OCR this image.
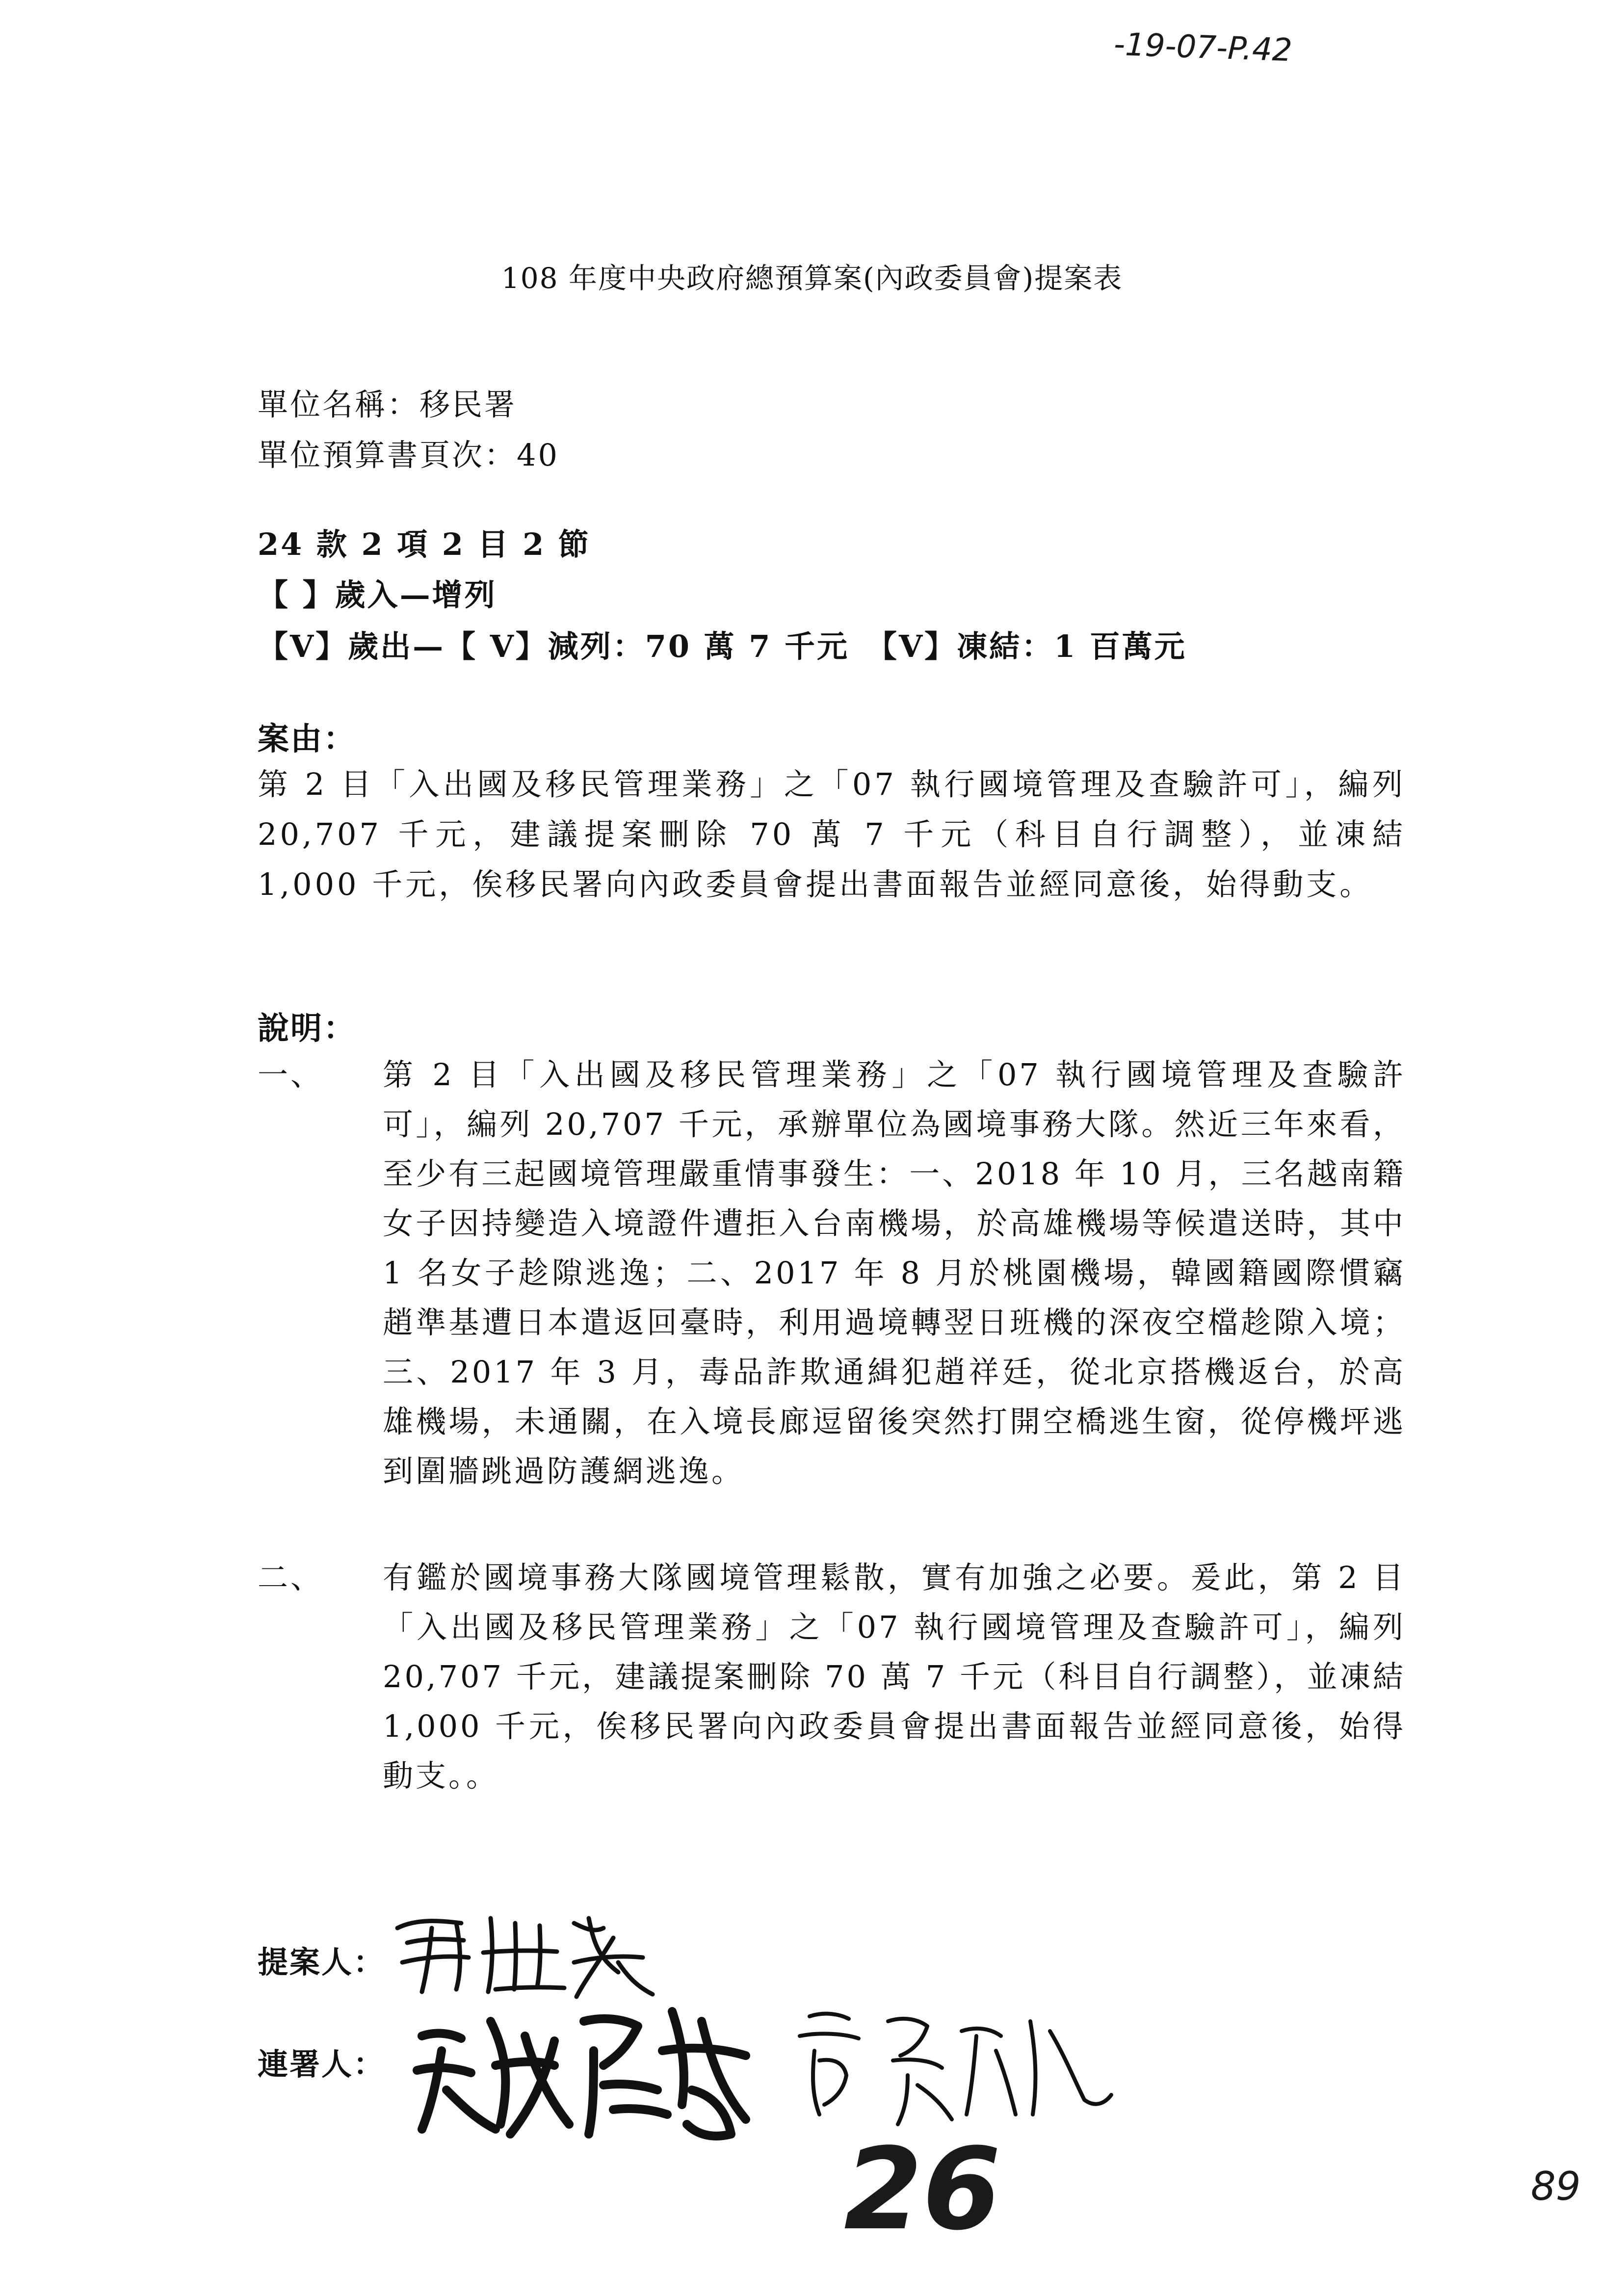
-19-07-P.42
108 年度中央政府總預算案(內政委員會)提案表
單位名稱：移民署
單位預算書頁次：40
24 款 2 項 2 目 2 節
【 】歲入—增列
【V】歲出—【 V】減列：70 萬 7 千元　【V】凍結：1 百萬元
案由：
第 2 目「入出國及移民管理業務」之「07 執行國境管理及查驗許可」，編列 20,707 千元，建議提案刪除 70 萬 7 千元（科目自行調整），並凍結 1,000 千元，俟移民署向內政委員會提出書面報告並經同意後，始得動支。
說明：
一、 第 2 目「入出國及移民管理業務」之「07 執行國境管理及查驗許可」，編列 20,707 千元，承辦單位為國境事務大隊。然近三年來看，至少有三起國境管理嚴重情事發生：一、2018 年 10 月，三名越南籍女子因持變造入境證件遭拒入台南機場，於高雄機場等候遣送時，其中 1 名女子趁隙逃逸；二、2017 年 8 月於桃園機場，韓國籍國際慣竊趙準基遭日本遣返回臺時，利用過境轉翌日班機的深夜空檔趁隙入境；三、2017 年 3 月，毒品詐欺通緝犯趙祥廷，從北京搭機返台，於高雄機場，未通關，在入境長廊逗留後突然打開空橋逃生窗，從停機坪逃到圍牆跳過防護網逃逸。
二、 有鑑於國境事務大隊國境管理鬆散，實有加強之必要。爰此，第 2 目「入出國及移民管理業務」之「07 執行國境管理及查驗許可」，編列 20,707 千元，建議提案刪除 70 萬 7 千元（科目自行調整），並凍結 1,000 千元，俟移民署向內政委員會提出書面報告並經同意後，始得動支。。
提案人：
連署人：
26	89
